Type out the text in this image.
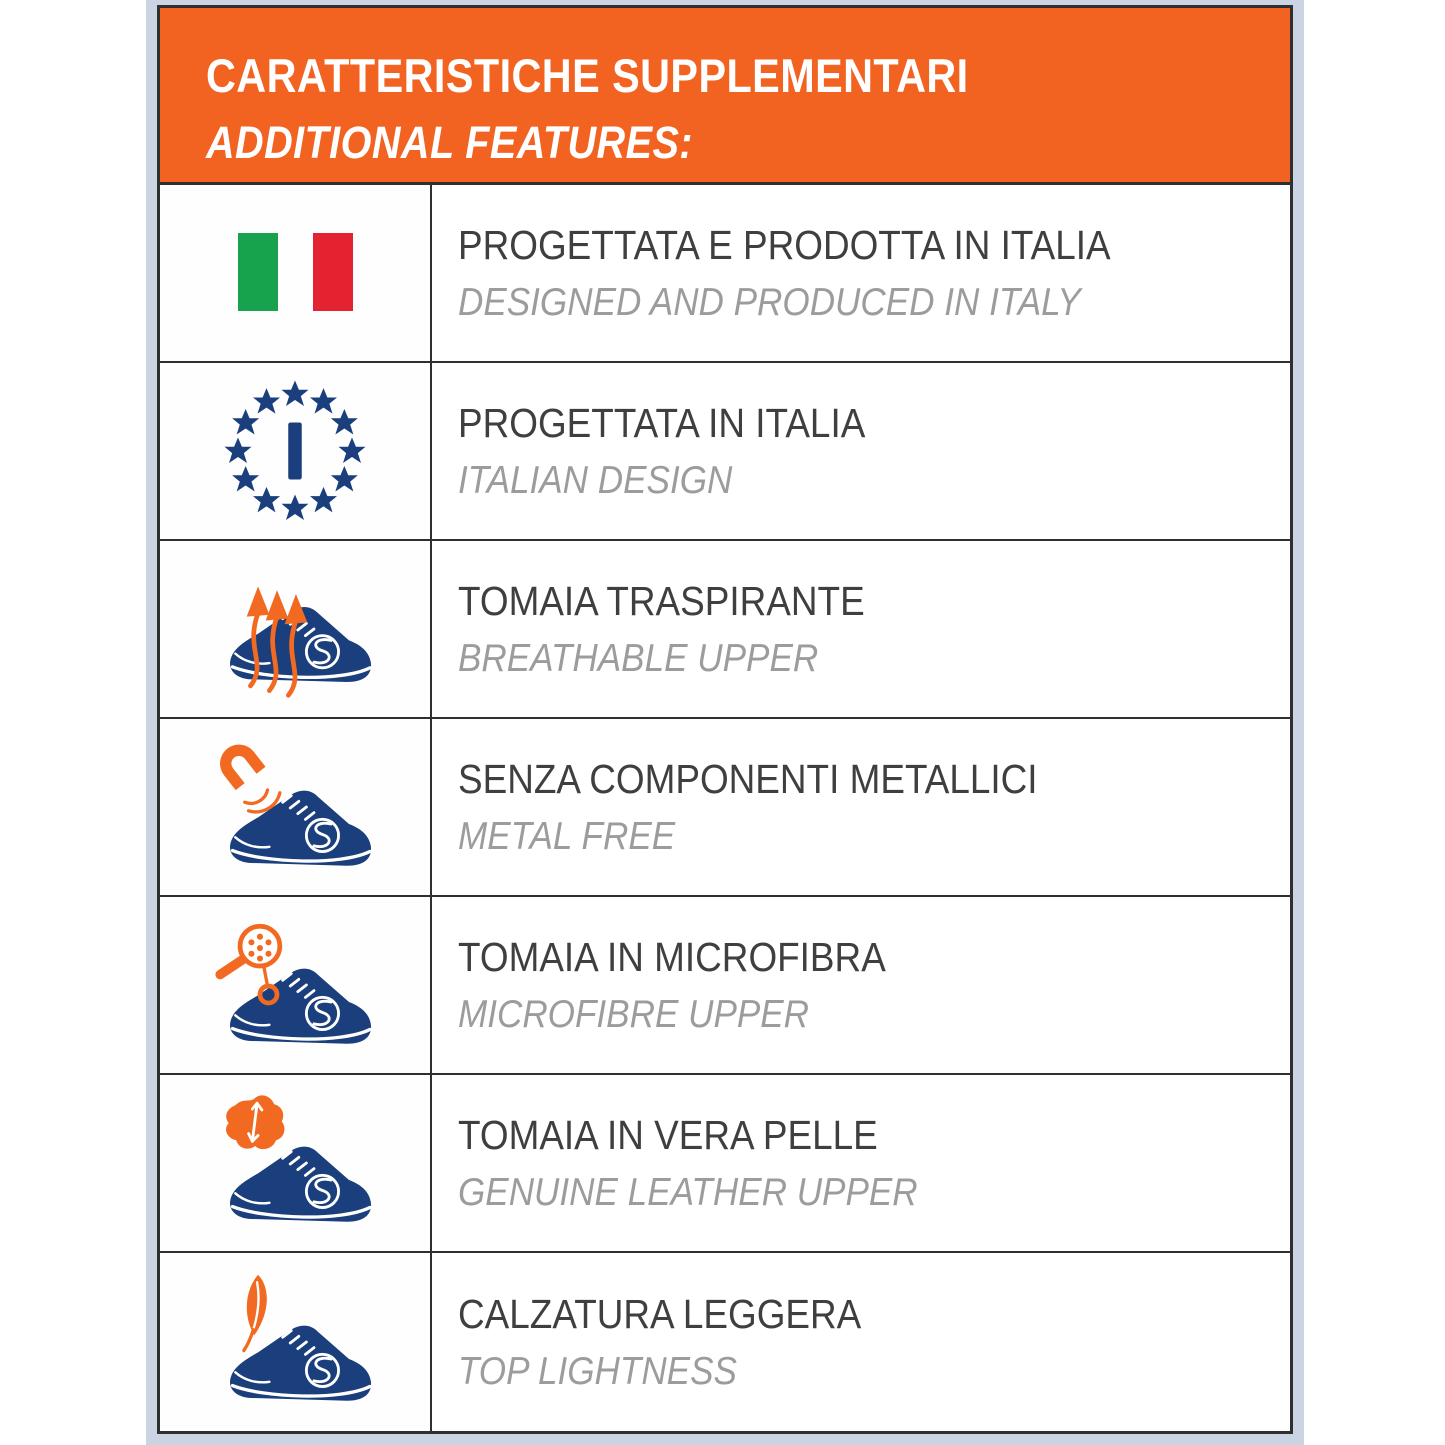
CARATTERISTICHE SUPPLEMENTARI
ADDITIONAL FEATURES:
PROGETTATA E PRODOTTA IN ITALIA
DESIGNED AND PRODUCED IN ITALY
PROGETTATA IN ITALIA
ITALIAN DESIGN
TOMAIA TRASPIRANTE
BREATHABLE UPPER
SENZA COMPONENTI METALLICI
METAL FREE
TOMAIA IN MICROFIBRA
MICROFIBRE UPPER
TOMAIA IN VERA PELLE
GENUINE LEATHER UPPER
CALZATURA LEGGERA
TOP LIGHTNESS
